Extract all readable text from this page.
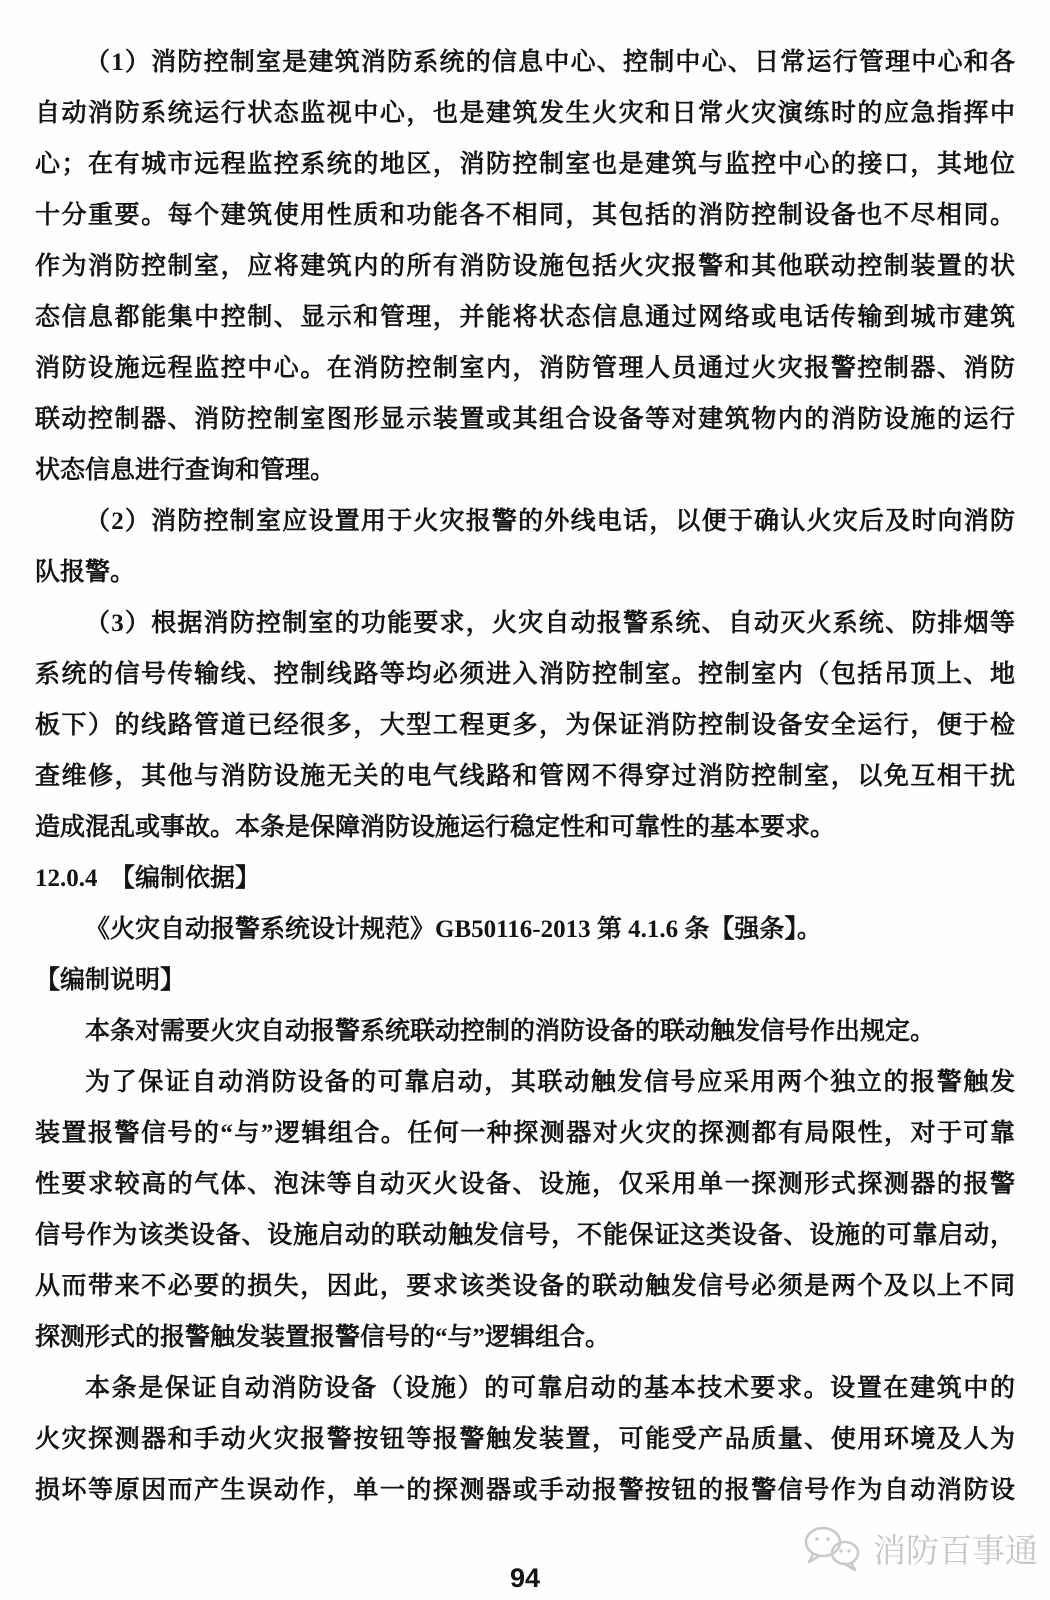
（1）消防控制室是建筑消防系统的信息中心、控制中心、日常运行管理中心和各
自动消防系统运行状态监视中心，也是建筑发生火灾和日常火灾演练时的应急指挥中
心；在有城市远程监控系统的地区，消防控制室也是建筑与监控中心的接口，其地位
十分重要。每个建筑使用性质和功能各不相同，其包括的消防控制设备也不尽相同。
作为消防控制室，应将建筑内的所有消防设施包括火灾报警和其他联动控制装置的状
态信息都能集中控制、显示和管理，并能将状态信息通过网络或电话传输到城市建筑
消防设施远程监控中心。在消防控制室内，消防管理人员通过火灾报警控制器、消防
联动控制器、消防控制室图形显示装置或其组合设备等对建筑物内的消防设施的运行
状态信息进行查询和管理。
（2）消防控制室应设置用于火灾报警的外线电话，以便于确认火灾后及时向消防
队报警。
（3）根据消防控制室的功能要求，火灾自动报警系统、自动灭火系统、防排烟等
系统的信号传输线、控制线路等均必须进入消防控制室。控制室内（包括吊顶上、地
板下）的线路管道已经很多，大型工程更多，为保证消防控制设备安全运行，便于检
查维修，其他与消防设施无关的电气线路和管网不得穿过消防控制室，以免互相干扰
造成混乱或事故。本条是保障消防设施运行稳定性和可靠性的基本要求。
12.0.4　【编制依据】
《火灾自动报警系统设计规范》GB50116-2013 第 4.1.6 条【强条】。
【编制说明】
本条对需要火灾自动报警系统联动控制的消防设备的联动触发信号作出规定。
为了保证自动消防设备的可靠启动，其联动触发信号应采用两个独立的报警触发
装置报警信号的“与”逻辑组合。任何一种探测器对火灾的探测都有局限性，对于可靠
性要求较高的气体、泡沫等自动灭火设备、设施，仅采用单一探测形式探测器的报警
信号作为该类设备、设施启动的联动触发信号，不能保证这类设备、设施的可靠启动，
从而带来不必要的损失，因此，要求该类设备的联动触发信号必须是两个及以上不同
探测形式的报警触发装置报警信号的“与”逻辑组合。
本条是保证自动消防设备（设施）的可靠启动的基本技术要求。设置在建筑中的
火灾探测器和手动火灾报警按钮等报警触发装置，可能受产品质量、使用环境及人为
损坏等原因而产生误动作，单一的探测器或手动报警按钮的报警信号作为自动消防设
消防百事通
94
